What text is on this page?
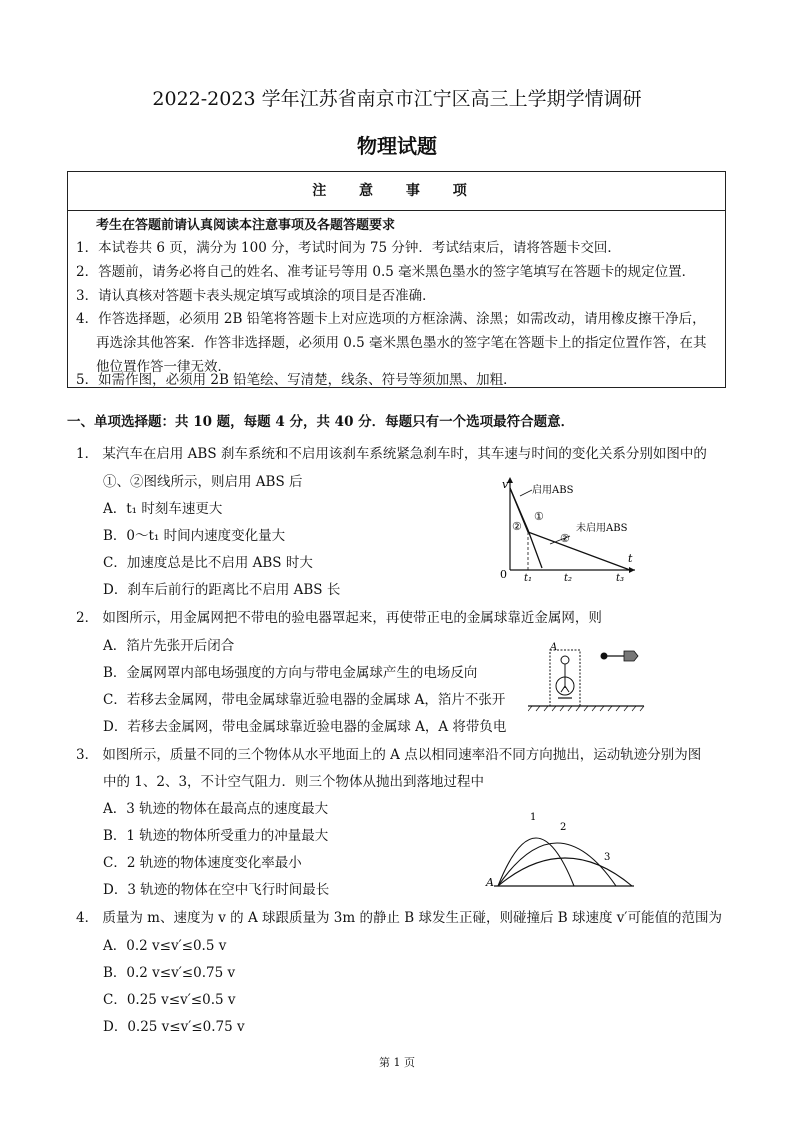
2022-2023 学年江苏省南京市江宁区高三上学期学情调研
物理试题
注 意 事 项
考生在答题前请认真阅读本注意事项及各题答题要求
1．本试卷共 6 页，满分为 100 分，考试时间为 75 分钟．考试结束后，请将答题卡交回．
2．答题前，请务必将自己的姓名、准考证号等用 0.5 毫米黑色墨水的签字笔填写在答题卡的规定位置．
3．请认真核对答题卡表头规定填写或填涂的项目是否准确．
4．作答选择题，必须用 2B 铅笔将答题卡上对应选项的方框涂满、涂黑；如需改动，请用橡皮擦干净后，
再选涂其他答案．作答非选择题，必须用 0.5 毫米黑色墨水的签字笔在答题卡上的指定位置作答，在其
他位置作答一律无效．
5．如需作图，必须用 2B 铅笔绘、写清楚，线条、符号等须加黑、加粗．
一、单项选择题：共 10 题，每题 4 分，共 40 分．每题只有一个选项最符合题意．
1． 某汽车在启用 ABS 刹车系统和不启用该刹车系统紧急刹车时，其车速与时间的变化关系分别如图中的
①、②图线所示，则启用 ABS 后
A．t₁ 时刻车速更大
B．0～t₁ 时间内速度变化量大
C．加速度总是比不启用 ABS 时大
D．刹车后前行的距离比不启用 ABS 长
v
t
0 t₁	t₂	t₃
启用ABS
未启用ABS
①
②
②
2． 如图所示，用金属网把不带电的验电器罩起来，再使带正电的金属球靠近金属网，则
A．箔片先张开后闭合
B．金属网罩内部电场强度的方向与带电金属球产生的电场反向
C．若移去金属网，带电金属球靠近验电器的金属球 A，箔片不张开
D．若移去金属网，带电金属球靠近验电器的金属球 A，A 将带负电
A
3． 如图所示，质量不同的三个物体从水平地面上的 A 点以相同速率沿不同方向抛出，运动轨迹分别为图
中的 1、2、3，不计空气阻力．则三个物体从抛出到落地过程中
A．3 轨迹的物体在最高点的速度最大
B．1 轨迹的物体所受重力的冲量最大
C．2 轨迹的物体速度变化率最小
D．3 轨迹的物体在空中飞行时间最长	A
1
2
3
4． 质量为 m、速度为 v 的 A 球跟质量为 3m 的静止 B 球发生正碰，则碰撞后 B 球速度 v′可能值的范围为
A．0.2 v≤v′≤0.5 v
B．0.2 v≤v′≤0.75 v
C．0.25 v≤v′≤0.5 v
D．0.25 v≤v′≤0.75 v
第 1 页
